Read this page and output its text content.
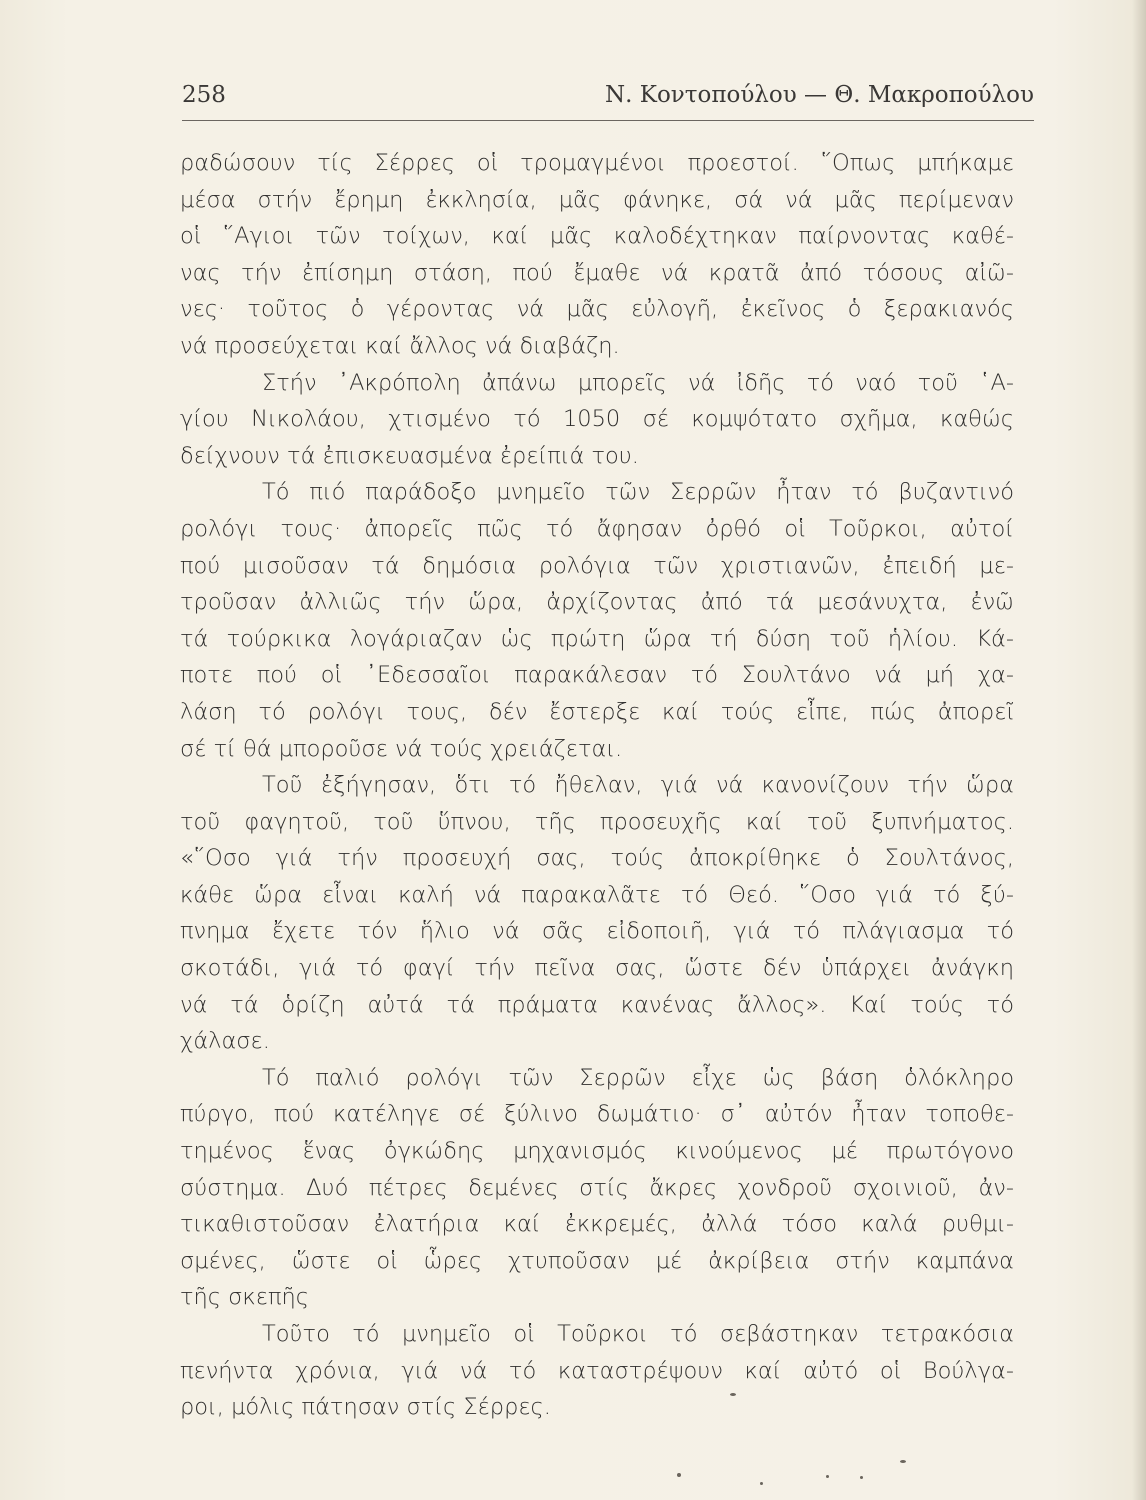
258	Ν. Κοντοπούλου — Θ. Μακροπούλου
ραδώσουν τίς Σέρρες οἱ τρομαγμένοι προεστοί. ῞Οπως μπήκαμε
μέσα στήν ἔρημη ἐκκλησία, μᾶς φάνηκε, σά νά μᾶς περίμεναν
οἱ ῞Αγιοι τῶν τοίχων, καί μᾶς καλοδέχτηκαν παίρνοντας καθέ-
νας τήν ἐπίσημη στάση, πού ἔμαθε νά κρατᾶ ἀπό τόσους αἰῶ-
νες· τοῦτος ὁ γέροντας νά μᾶς εὐλογῆ, ἐκεῖνος ὁ ξερακιανός
νά προσεύχεται καί ἄλλος νά διαβάζη.
Στήν ᾿Ακρόπολη ἀπάνω μπορεῖς νά ἰδῆς τό ναό τοῦ ῾Α-
γίου Νικολάου, χτισμένο τό 1050 σέ κομψότατο σχῆμα, καθώς
δείχνουν τά ἐπισκευασμένα ἐρείπιά του.
Τό πιό παράδοξο μνημεῖο τῶν Σερρῶν ἦταν τό βυζαντινό
ρολόγι τους· ἀπορεῖς πῶς τό ἄφησαν ὀρθό οἱ Τοῦρκοι, αὐτοί
πού μισοῦσαν τά δημόσια ρολόγια τῶν χριστιανῶν, ἐπειδή με-
τροῦσαν ἀλλιῶς τήν ὥρα, ἀρχίζοντας ἀπό τά μεσάνυχτα, ἐνῶ
τά τούρκικα λογάριαζαν ὡς πρώτη ὥρα τή δύση τοῦ ἡλίου. Κά-
ποτε πού οἱ ᾿Εδεσσαῖοι παρακάλεσαν τό Σουλτάνο νά μή χα-
λάση τό ρολόγι τους, δέν ἔστερξε καί τούς εἶπε, πώς ἀπορεῖ
σέ τί θά μποροῦσε νά τούς χρειάζεται.
Τοῦ ἐξήγησαν, ὅτι τό ἤθελαν, γιά νά κανονίζουν τήν ὥρα
τοῦ φαγητοῦ, τοῦ ὕπνου, τῆς προσευχῆς καί τοῦ ξυπνήματος.
«῞Οσο γιά τήν προσευχή σας, τούς ἀποκρίθηκε ὁ Σουλτάνος,
κάθε ὥρα εἶναι καλή νά παρακαλᾶτε τό Θεό. ῞Οσο γιά τό ξύ-
πνημα ἔχετε τόν ἥλιο νά σᾶς εἰδοποιῆ, γιά τό πλάγιασμα τό
σκοτάδι, γιά τό φαγί τήν πεῖνα σας, ὥστε δέν ὑπάρχει ἀνάγκη
νά τά ὁρίζη αὐτά τά πράματα κανένας ἄλλος». Καί τούς τό
χάλασε.
Τό παλιό ρολόγι τῶν Σερρῶν εἶχε ὡς βάση ὁλόκληρο
πύργο, πού κατέληγε σέ ξύλινο δωμάτιο· σ᾿ αὐτόν ἦταν τοποθε-
τημένος ἕνας ὀγκώδης μηχανισμός κινούμενος μέ πρωτόγονο
σύστημα. Δυό πέτρες δεμένες στίς ἄκρες χονδροῦ σχοινιοῦ, ἀν-
τικαθιστοῦσαν ἐλατήρια καί ἐκκρεμές, ἀλλά τόσο καλά ρυθμι-
σμένες, ὥστε οἱ ὧρες χτυποῦσαν μέ ἀκρίβεια στήν καμπάνα
τῆς σκεπῆς
Τοῦτο τό μνημεῖο οἱ Τοῦρκοι τό σεβάστηκαν τετρακόσια
πενήντα χρόνια, γιά νά τό καταστρέψουν καί αὐτό οἱ Βούλγα-
ροι, μόλις πάτησαν στίς Σέρρες.
